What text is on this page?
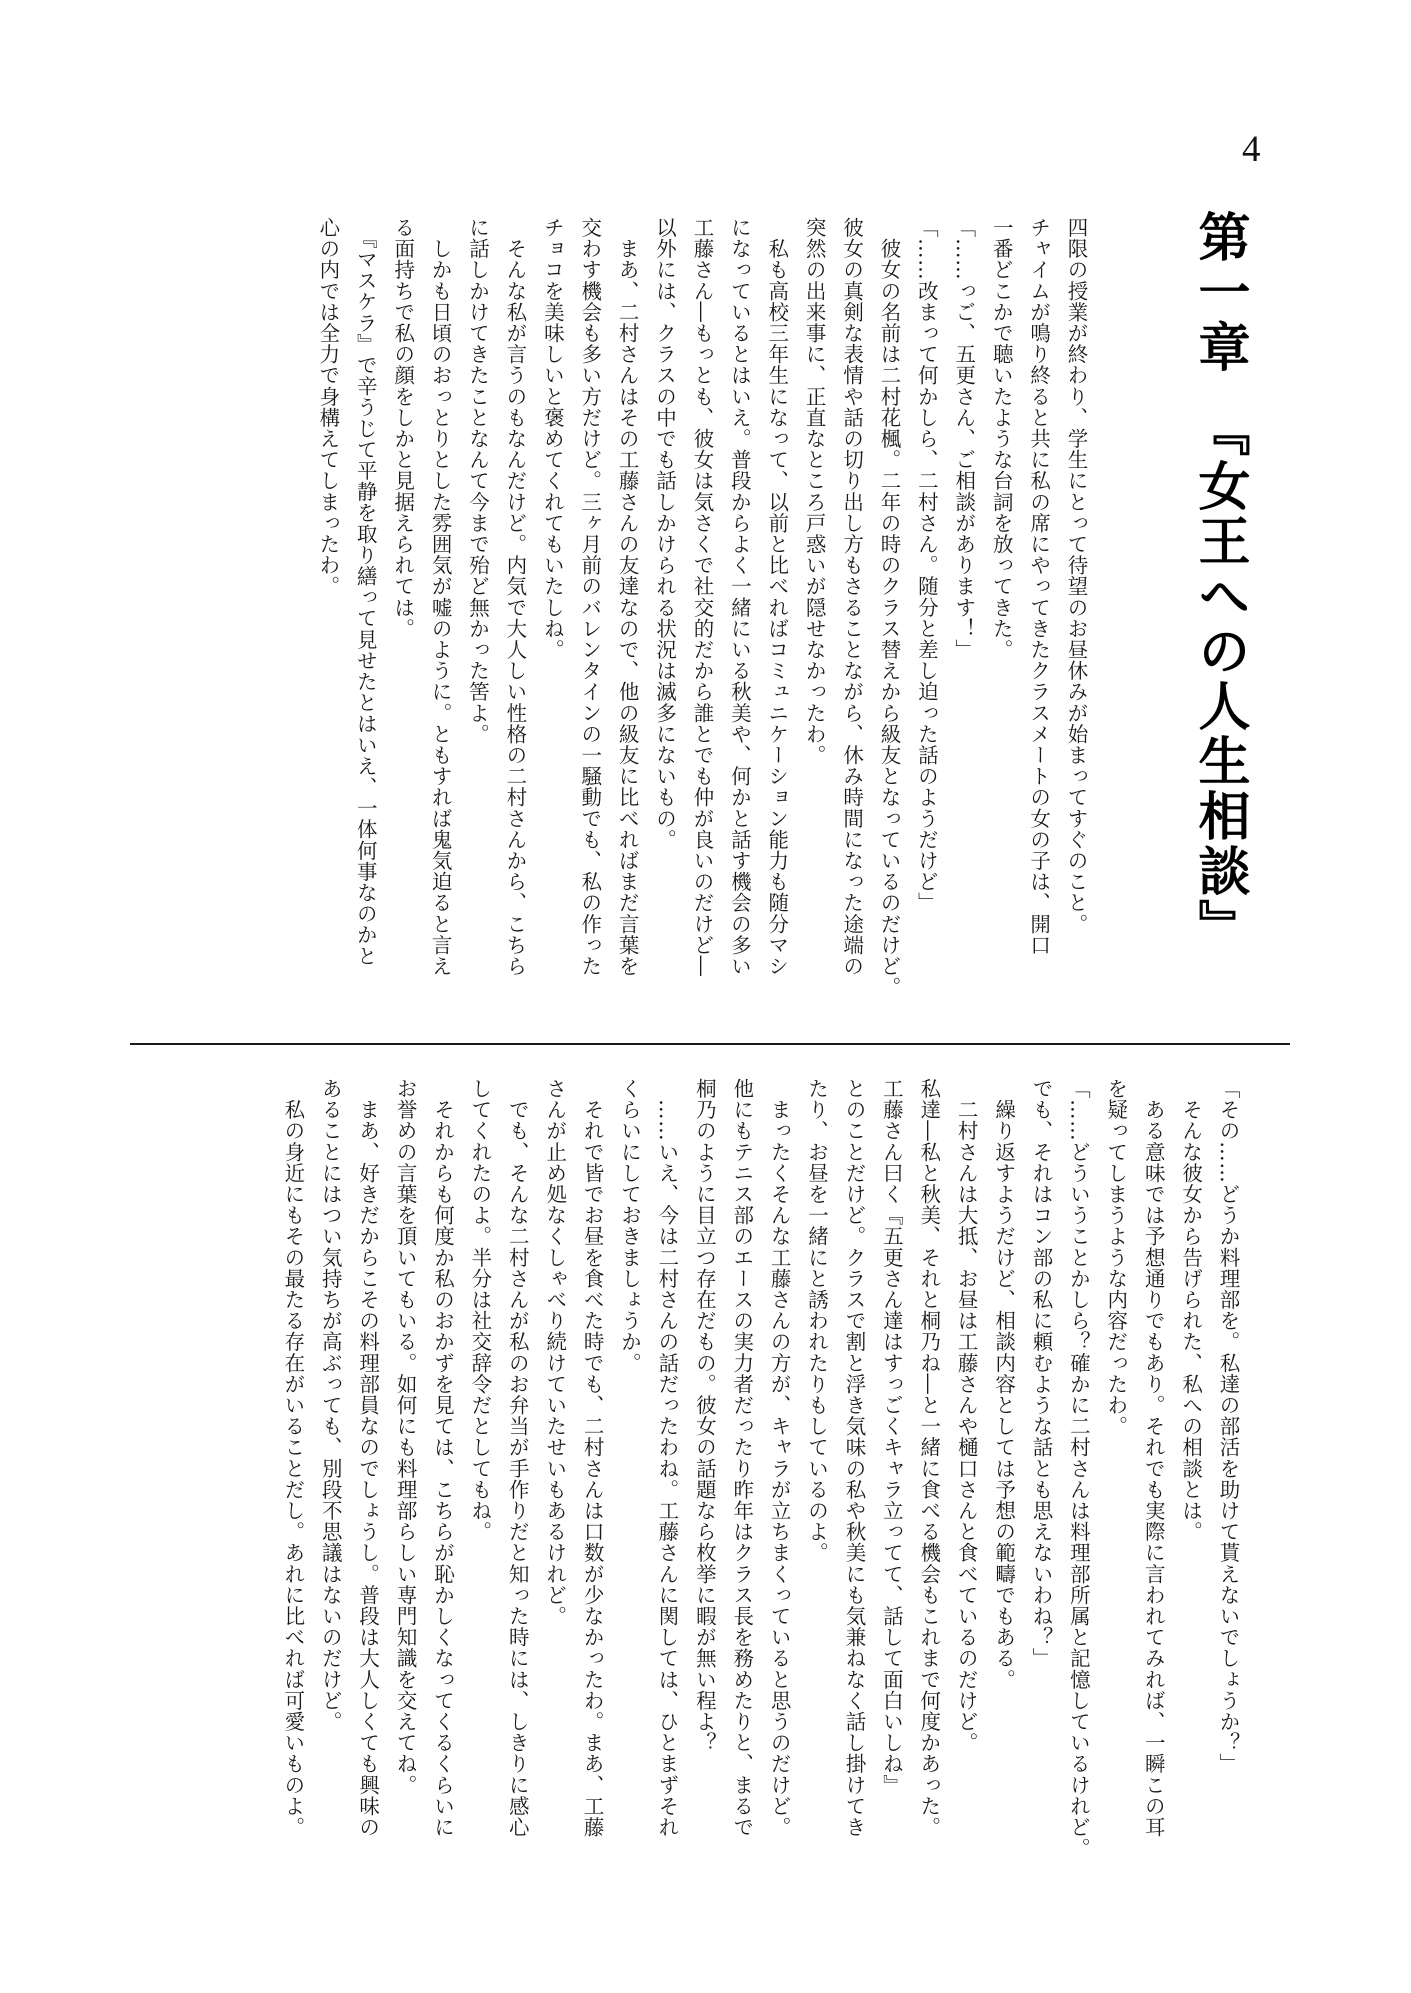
4
第一章　『女王への人生相談』

四限の授業が終わり、学生にとって待望のお昼休みが始まってすぐのこと。

チャイムが鳴り終ると共に私の席にやってきたクラスメートの女の子は、開口

一番どこかで聴いたような台詞を放ってきた。

「……っご、五更さん、ご相談があります！」

「……改まって何かしら、二村さん。随分と差し迫った話のようだけど」

　彼女の名前は二村花楓。二年の時のクラス替えから級友となっているのだけど。

彼女の真剣な表情や話の切り出し方もさることながら、休み時間になった途端の

突然の出来事に、正直なところ戸惑いが隠せなかったわ。

　私も高校三年生になって、以前と比べればコミュニケーション能力も随分マシ

になっているとはいえ。普段からよく一緒にいる秋美や、何かと話す機会の多い

工藤さん―もっとも、彼女は気さくで社交的だから誰とでも仲が良いのだけど―

以外には、クラスの中でも話しかけられる状況は滅多にないもの。

　まあ、二村さんはその工藤さんの友達なので、他の級友に比べればまだ言葉を

交わす機会も多い方だけど。三ヶ月前のバレンタインの一騒動でも、私の作った

チョコを美味しいと褒めてくれてもいたしね。

　そんな私が言うのもなんだけど。内気で大人しい性格の二村さんから、こちら

に話しかけてきたことなんて今まで殆ど無かった筈よ。

　しかも日頃のおっとりとした雰囲気が嘘のように。ともすれば鬼気迫ると言え

る面持ちで私の顔をしかと見据えられては。

　『マスケラ』で辛うじて平静を取り繕って見せたとはいえ、一体何事なのかと

心の内では全力で身構えてしまったわ。

「その……どうか料理部を。私達の部活を助けて貰えないでしょうか？」

　そんな彼女から告げられた、私への相談とは。

　ある意味では予想通りでもあり。それでも実際に言われてみれば、一瞬この耳

を疑ってしまうような内容だったわ。

「……どういうことかしら？確かに二村さんは料理部所属と記憶しているけれど。

でも、それはコン部の私に頼むような話とも思えないわね？」

　繰り返すようだけど、相談内容としては予想の範疇でもある。

　二村さんは大抵、お昼は工藤さんや樋口さんと食べているのだけど。

私達―私と秋美、それと桐乃ね―と一緒に食べる機会もこれまで何度かあった。

工藤さん曰く『五更さん達はすっごくキャラ立ってて、話して面白いしね』

とのことだけど。クラスで割と浮き気味の私や秋美にも気兼ねなく話し掛けてき

たり、お昼を一緒にと誘われたりもしているのよ。

　まったくそんな工藤さんの方が、キャラが立ちまくっていると思うのだけど。

他にもテニス部のエースの実力者だったり昨年はクラス長を務めたりと、まるで

桐乃のように目立つ存在だもの。彼女の話題なら枚挙に暇が無い程よ？

　……いえ、今は二村さんの話だったわね。工藤さんに関しては、ひとまずそれ

くらいにしておきましょうか。

　それで皆でお昼を食べた時でも、二村さんは口数が少なかったわ。まあ、工藤

さんが止め処なくしゃべり続けていたせいもあるけれど。

　でも、そんな二村さんが私のお弁当が手作りだと知った時には、しきりに感心

してくれたのよ。半分は社交辞令だとしてもね。

　それからも何度か私のおかずを見ては、こちらが恥かしくなってくるくらいに

お誉めの言葉を頂いてもいる。如何にも料理部らしい専門知識を交えてね。

　まあ、好きだからこその料理部員なのでしょうし。普段は大人しくても興味の

あることにはつい気持ちが高ぶっても、別段不思議はないのだけど。

　私の身近にもその最たる存在がいることだし。あれに比べれば可愛いものよ。
